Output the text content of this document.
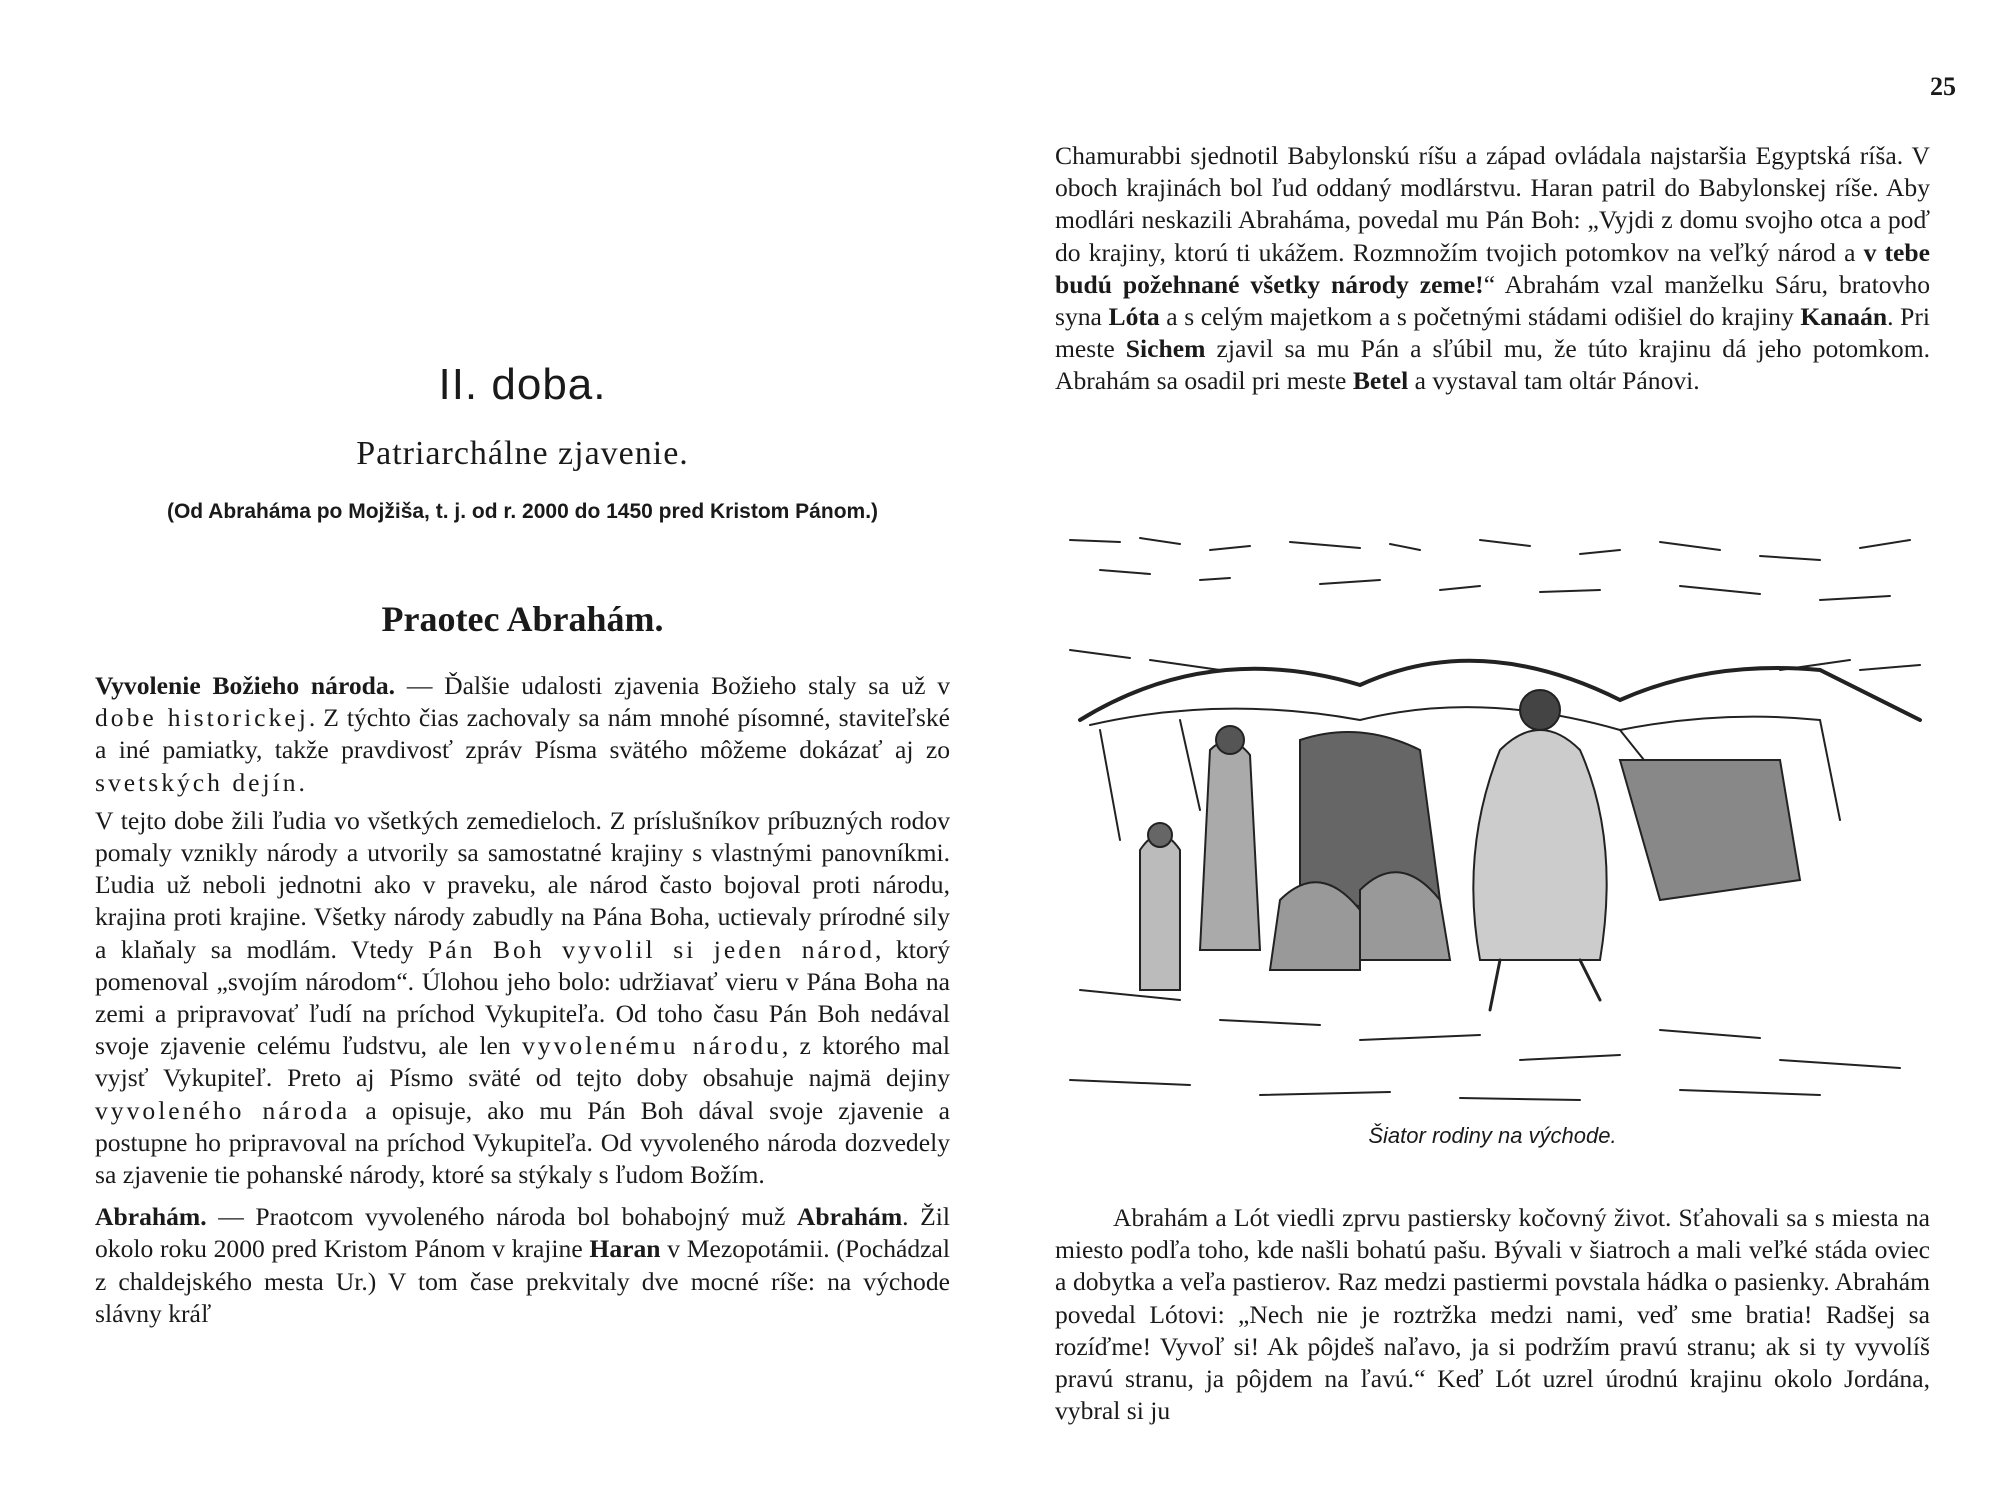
25
II. doba.
Patriarchálne zjavenie.
(Od Abraháma po Mojžiša, t. j. od r. 2000 do 1450 pred Kristom Pánom.)
Praotec Abrahám.

Vyvolenie Božieho národa. — Ďalšie udalosti zjavenia Božieho staly sa už v dobe historickej. Z týchto čias zachovaly sa nám mnohé písomné, staviteľské a iné pamiatky, takže pravdivosť zpráv Písma svätého môžeme dokázať aj zo svetských dejín.

V tejto dobe žili ľudia vo všetkých zemedieloch. Z príslušníkov príbuzných rodov pomaly vznikly národy a utvorily sa samostatné krajiny s vlastnými panovníkmi. Ľudia už neboli jednotni ako v praveku, ale národ často bojoval proti národu, krajina proti krajine. Všetky národy zabudly na Pána Boha, uctievaly prírodné sily a klaňaly sa modlám. Vtedy Pán Boh vyvolil si jeden národ, ktorý pomenoval „svojím národom“. Úlohou jeho bolo: udržiavať vieru v Pána Boha na zemi a pripravovať ľudí na príchod Vykupiteľa. Od toho času Pán Boh nedával svoje zjavenie celému ľudstvu, ale len vyvolenému národu, z ktorého mal vyjsť Vykupiteľ. Preto aj Písmo sväté od tejto doby obsahuje najmä dejiny vyvoleného národa a opisuje, ako mu Pán Boh dával svoje zjavenie a postupne ho pripravoval na príchod Vykupiteľa. Od vyvoleného národa dozvedely sa zjavenie tie pohanské národy, ktoré sa stýkaly s ľudom Božím.

Abrahám. — Praotcom vyvoleného národa bol bohabojný muž Abrahám. Žil okolo roku 2000 pred Kristom Pánom v krajine Haran v Mezopotámii. (Pochádzal z chaldejského mesta Ur.) V tom čase prekvitaly dve mocné ríše: na východe slávny kráľ

Chamurabbi sjednotil Babylonskú ríšu a západ ovládala najstaršia Egyptská ríša. V oboch krajinách bol ľud oddaný modlárstvu. Haran patril do Babylonskej ríše. Aby modlári neskazili Abraháma, povedal mu Pán Boh: „Vyjdi z domu svojho otca a poď do krajiny, ktorú ti ukážem. Rozmnožím tvojich potomkov na veľký národ a v tebe budú požehnané všetky národy zeme!“ Abrahám vzal manželku Sáru, bratovho syna Lóta a s celým majetkom a s početnými stádami odišiel do krajiny Kanaán. Pri meste Sichem zjavil sa mu Pán a sľúbil mu, že túto krajinu dá jeho potomkom. Abrahám sa osadil pri meste Betel a vystaval tam oltár Pánovi.

Šiator rodiny na východe.

Abrahám a Lót viedli zprvu pastiersky kočovný život. Sťahovali sa s miesta na miesto podľa toho, kde našli bohatú pašu. Bývali v šiatroch a mali veľké stáda oviec a dobytka a veľa pastierov. Raz medzi pastiermi povstala hádka o pasienky. Abrahám povedal Lótovi: „Nech nie je roztržka medzi nami, veď sme bratia! Radšej sa rozíďme! Vyvoľ si! Ak pôjdeš naľavo, ja si podržím pravú stranu; ak si ty vyvolíš pravú stranu, ja pôjdem na ľavú.“ Keď Lót uzrel úrodnú krajinu okolo Jordána, vybral si ju
